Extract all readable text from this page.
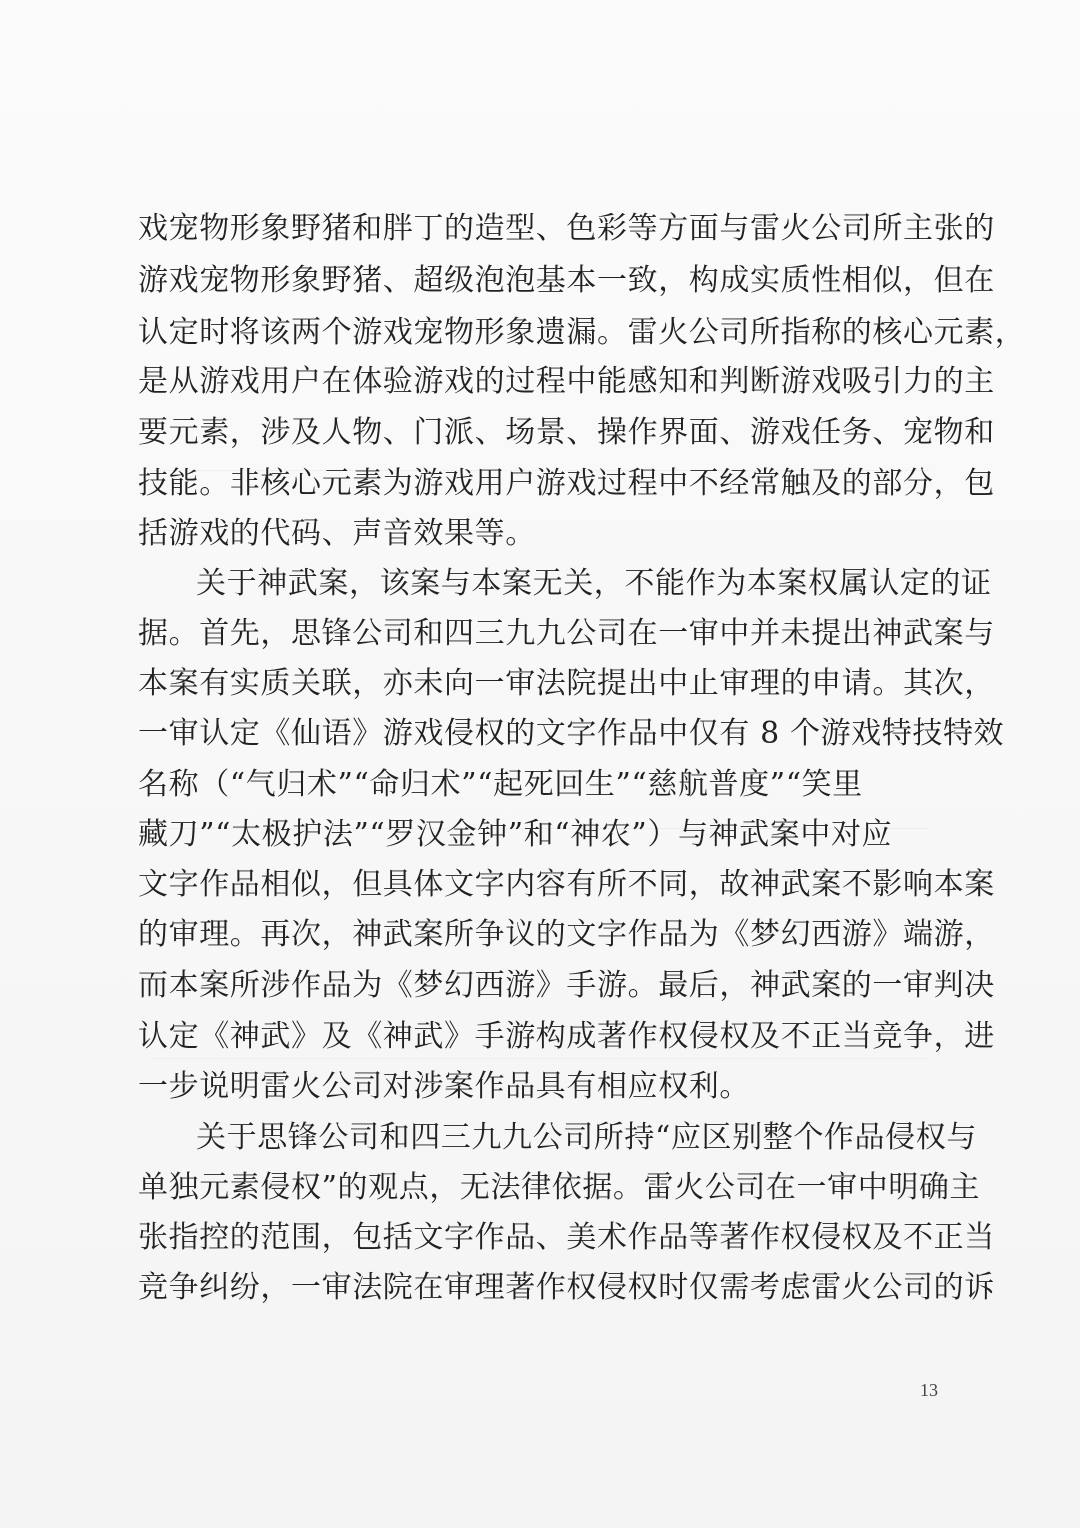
戏宠物形象野猪和胖丁的造型、色彩等方面与雷火公司所主张的
游戏宠物形象野猪、超级泡泡基本一致，构成实质性相似，但在
认定时将该两个游戏宠物形象遗漏。雷火公司所指称的核心元素，
是从游戏用户在体验游戏的过程中能感知和判断游戏吸引力的主
要元素，涉及人物、门派、场景、操作界面、游戏任务、宠物和
技能。非核心元素为游戏用户游戏过程中不经常触及的部分，包
括游戏的代码、声音效果等。
关于神武案，该案与本案无关，不能作为本案权属认定的证
据。首先，思锋公司和四三九九公司在一审中并未提出神武案与
本案有实质关联，亦未向一审法院提出中止审理的申请。其次，
一审认定《仙语》游戏侵权的文字作品中仅有 8 个游戏特技特效
名称（“气归术”“命归术”“起死回生”“慈航普度”“笑里
藏刀”“太极护法”“罗汉金钟”和“神农”）与神武案中对应
文字作品相似，但具体文字内容有所不同，故神武案不影响本案
的审理。再次，神武案所争议的文字作品为《梦幻西游》端游，
而本案所涉作品为《梦幻西游》手游。最后，神武案的一审判决
认定《神武》及《神武》手游构成著作权侵权及不正当竞争，进
一步说明雷火公司对涉案作品具有相应权利。
关于思锋公司和四三九九公司所持“应区别整个作品侵权与
单独元素侵权”的观点，无法律依据。雷火公司在一审中明确主
张指控的范围，包括文字作品、美术作品等著作权侵权及不正当
竞争纠纷，一审法院在审理著作权侵权时仅需考虑雷火公司的诉
13
